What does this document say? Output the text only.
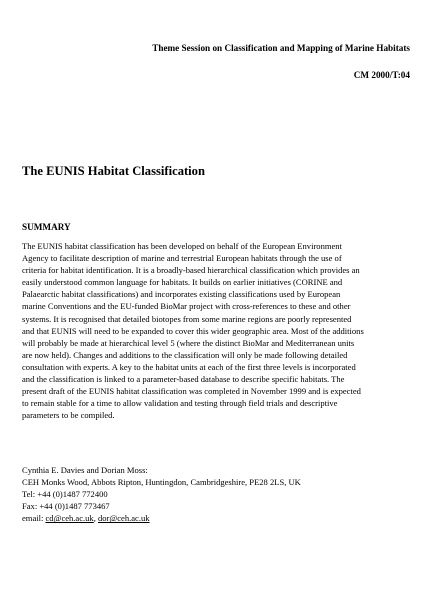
Theme Session on Classification and Mapping of Marine Habitats
CM 2000/T:04
The EUNIS Habitat Classification
SUMMARY

The EUNIS habitat classification has been developed on behalf of the European Environment
Agency to facilitate description of marine and terrestrial European habitats through the use of
criteria for habitat identification. It is a broadly-based hierarchical classification which provides an
easily understood common language for habitats. It builds on earlier initiatives (CORINE and
Palaearctic habitat classifications) and incorporates existing classifications used by European
marine Conventions and the EU-funded BioMar project with cross-references to these and other
systems. It is recognised that detailed biotopes from some marine regions are poorly represented
and that EUNIS will need to be expanded to cover this wider geographic area. Most of the additions
will probably be made at hierarchical level 5 (where the distinct BioMar and Mediterranean units
are now held). Changes and additions to the classification will only be made following detailed
consultation with experts. A key to the habitat units at each of the first three levels is incorporated
and the classification is linked to a parameter-based database to describe specific habitats. The
present draft of the EUNIS habitat classification was completed in November 1999 and is expected
to remain stable for a time to allow validation and testing through field trials and descriptive
parameters to be compiled.

Cynthia E. Davies and Dorian Moss:
CEH Monks Wood, Abbots Ripton, Huntingdon, Cambridgeshire, PE28 2LS, UK
Tel: +44 (0)1487 772400
Fax: +44 (0)1487 773467
email: cd@ceh.ac.uk, dor@ceh.ac.uk
